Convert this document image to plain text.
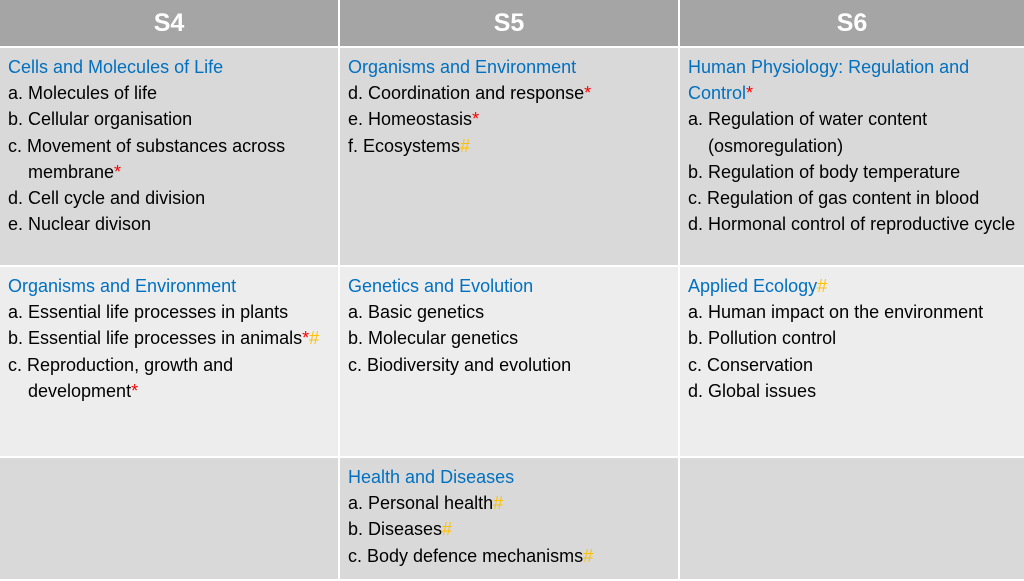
S4	S5	S6
Cells and Molecules of Life
a. Molecules of life
b. Cellular organisation
c. Movement of substances across membrane*
d. Cell cycle and division
e. Nuclear divison
Organisms and Environment
d. Coordination and response*
e. Homeostasis*
f. Ecosystems#
Human Physiology: Regulation and Control*
a. Regulation of water content (osmoregulation)
b. Regulation of body temperature
c. Regulation of gas content in blood
d. Hormonal control of reproductive cycle
Organisms and Environment
a. Essential life processes in plants
b. Essential life processes in animals*#
c. Reproduction, growth and development*
Genetics and Evolution
a. Basic genetics
b. Molecular genetics
c. Biodiversity and evolution
Applied Ecology#
a. Human impact on the environment
b. Pollution control
c. Conservation
d. Global issues
Health and Diseases
a. Personal health#
b. Diseases#
c. Body defence mechanisms#
